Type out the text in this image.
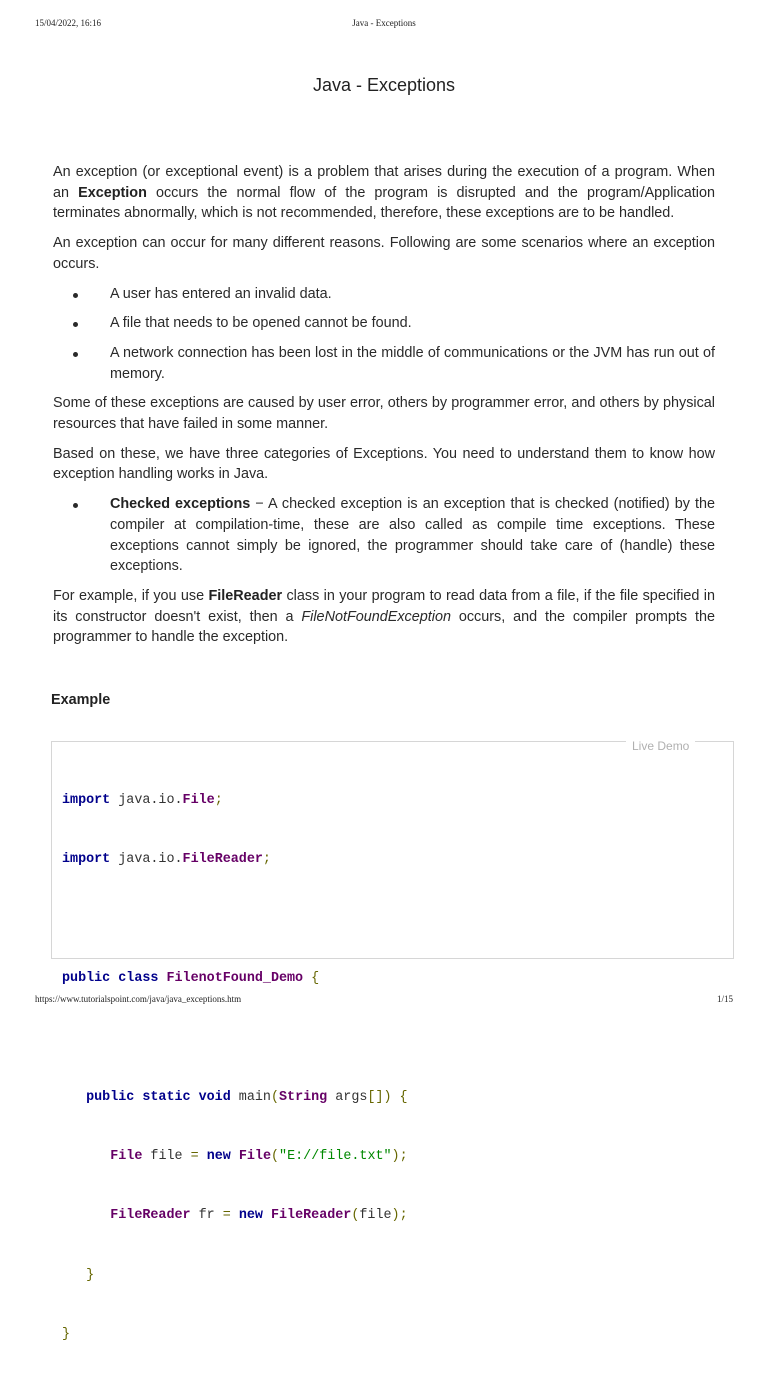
15/04/2022, 16:16	Java - Exceptions
Java - Exceptions

An exception (or exceptional event) is a problem that arises during the execution of a program. When an Exception occurs the normal flow of the program is disrupted and the program/Application terminates abnormally, which is not recommended, therefore, these exceptions are to be handled.

An exception can occur for many different reasons. Following are some scenarios where an exception occurs.

A user has entered an invalid data.
A file that needs to be opened cannot be found.
A network connection has been lost in the middle of communications or the JVM has run out of memory.

Some of these exceptions are caused by user error, others by programmer error, and others by physical resources that have failed in some manner.

Based on these, we have three categories of Exceptions. You need to understand them to know how exception handling works in Java.

Checked exceptions − A checked exception is an exception that is checked (notified) by the compiler at compilation-time, these are also called as compile time exceptions. These exceptions cannot simply be ignored, the programmer should take care of (handle) these exceptions.

For example, if you use FileReader class in your program to read data from a file, if the file specified in its constructor doesn't exist, then a FileNotFoundException occurs, and the compiler prompts the programmer to handle the exception.

Example
Live Demo

import java.io.File;

import java.io.FileReader;

public class FilenotFound_Demo {

public static void main(String args[]) {

File file = new File("E://file.txt");

FileReader fr = new FileReader(file);

}

}

https://www.tutorialspoint.com/java/java_exceptions.htm	1/15
